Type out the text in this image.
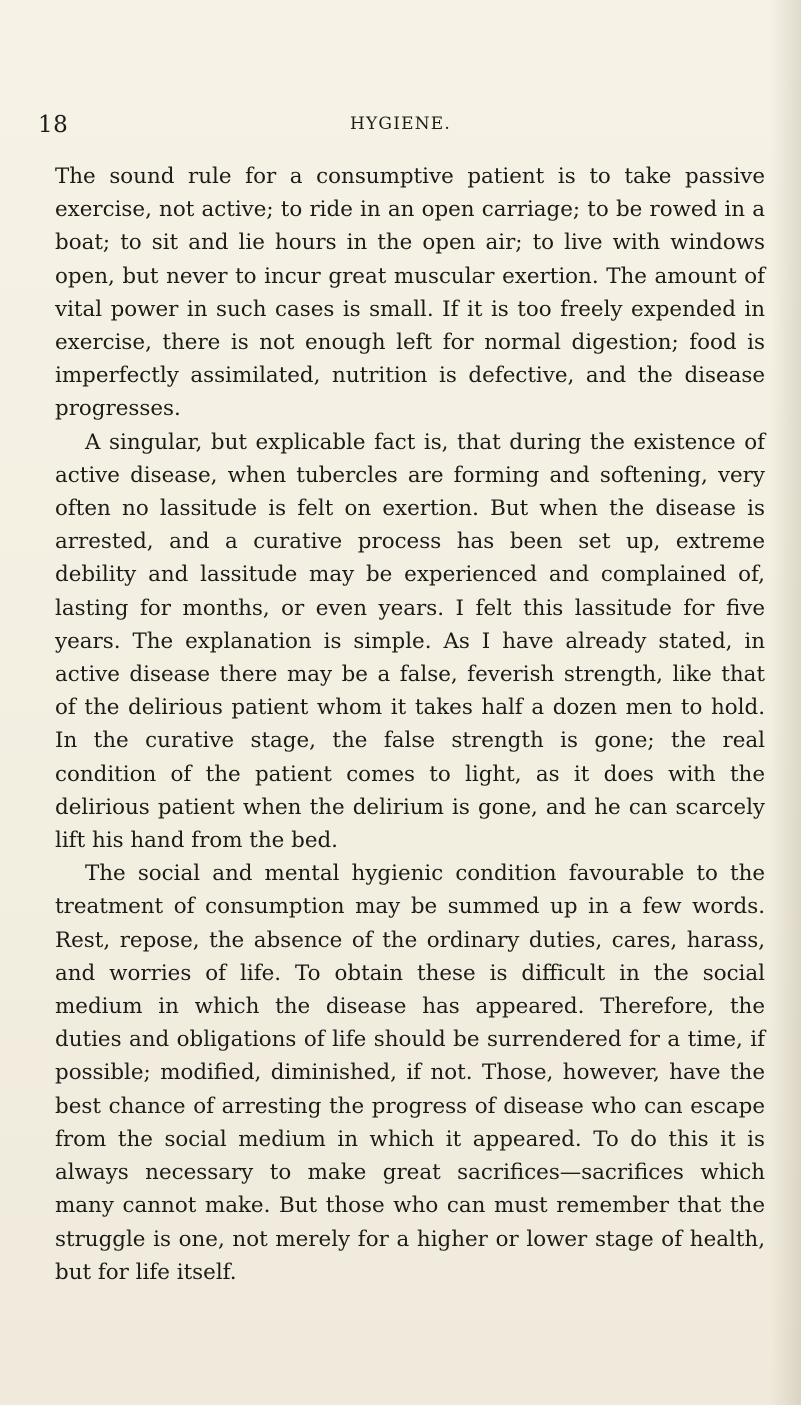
18	HYGIENE.

The sound rule for a consumptive patient is to take passive exercise, not active; to ride in an open carriage; to be rowed in a boat; to sit and lie hours in the open air; to live with windows open, but never to incur great muscular exertion. The amount of vital power in such cases is small. If it is too freely expended in exercise, there is not enough left for normal digestion; food is imperfectly assimilated, nutrition is defective, and the disease progresses.

A singular, but explicable fact is, that during the existence of active disease, when tubercles are forming and softening, very often no lassitude is felt on exertion. But when the disease is arrested, and a curative process has been set up, extreme debility and lassitude may be experienced and complained of, lasting for months, or even years. I felt this lassitude for five years. The explanation is simple. As I have already stated, in active disease there may be a false, feverish strength, like that of the delirious patient whom it takes half a dozen men to hold. In the curative stage, the false strength is gone; the real condition of the patient comes to light, as it does with the delirious patient when the delirium is gone, and he can scarcely lift his hand from the bed.

The social and mental hygienic condition favourable to the treatment of consumption may be summed up in a few words. Rest, repose, the absence of the ordinary duties, cares, harass, and worries of life. To obtain these is difficult in the social medium in which the disease has appeared. Therefore, the duties and obligations of life should be surrendered for a time, if possible; modified, diminished, if not. Those, however, have the best chance of arresting the progress of disease who can escape from the social medium in which it appeared. To do this it is always necessary to make great sacrifices—sacrifices which many cannot make. But those who can must remember that the struggle is one, not merely for a higher or lower stage of health, but for life itself.
